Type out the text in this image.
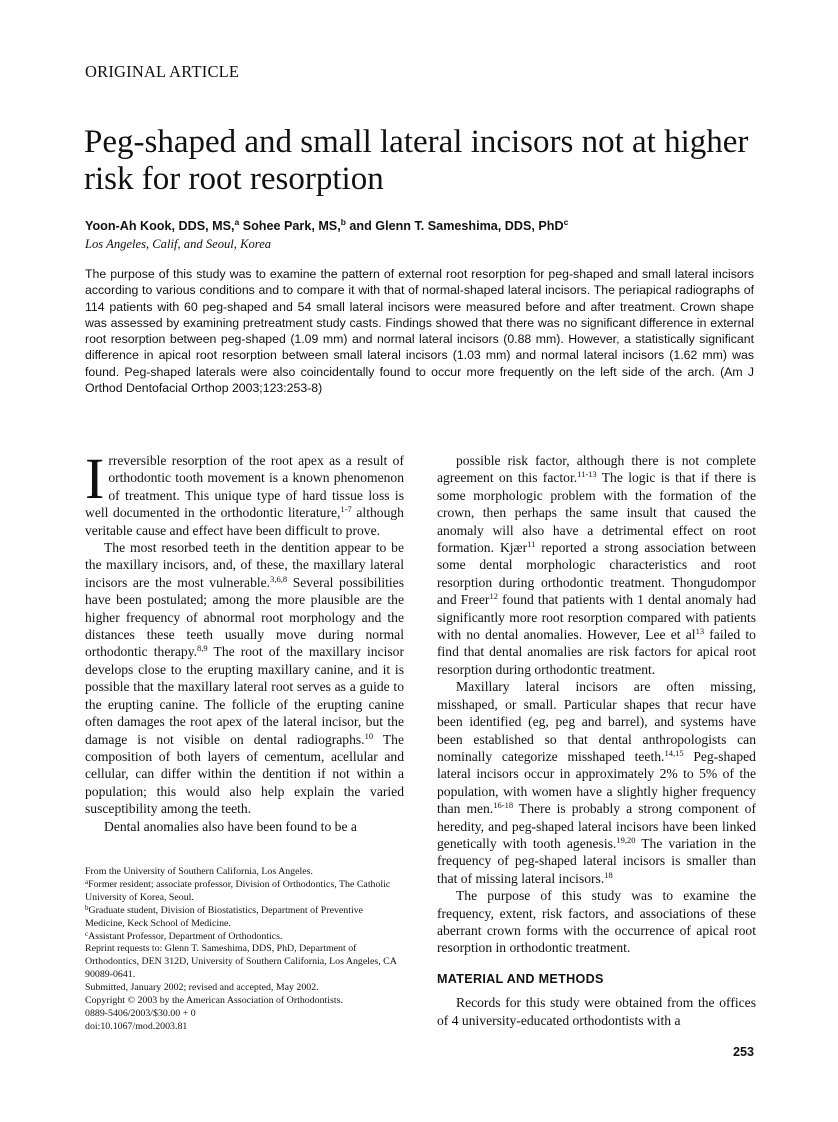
ORIGINAL ARTICLE
Peg-shaped and small lateral incisors not at higher risk for root resorption
Yoon-Ah Kook, DDS, MS,$^a$ Sohee Park, MS,$^b$ and Glenn T. Sameshima, DDS, PhD$^c$
Los Angeles, Calif, and Seoul, Korea

The purpose of this study was to examine the pattern of external root resorption for peg-shaped and small lateral incisors according to various conditions and to compare it with that of normal-shaped lateral incisors. The periapical radiographs of 114 patients with 60 peg-shaped and 54 small lateral incisors were measured before and after treatment. Crown shape was assessed by examining pretreatment study casts. Findings showed that there was no significant difference in external root resorption between peg-shaped (1.09 mm) and normal lateral incisors (0.88 mm). However, a statistically significant difference in apical root resorption between small lateral incisors (1.03 mm) and normal lateral incisors (1.62 mm) was found. Peg-shaped laterals were also coincidentally found to occur more frequently on the left side of the arch. (Am J Orthod Dentofacial Orthop 2003;123:253-8)

I rreversible resorption of the root apex as a result of orthodontic tooth movement is a known phenomenon of treatment. This unique type of hard tissue loss is well documented in the orthodontic literature,$^{1-7}$ although veritable cause and effect have been difficult to prove.

The most resorbed teeth in the dentition appear to be the maxillary incisors, and, of these, the maxillary lateral incisors are the most vulnerable.$^{3,6,8}$ Several possibilities have been postulated; among the more plausible are the higher frequency of abnormal root morphology and the distances these teeth usually move during normal orthodontic therapy.$^{8,9}$ The root of the maxillary incisor develops close to the erupting maxillary canine, and it is possible that the maxillary lateral root serves as a guide to the erupting canine. The follicle of the erupting canine often damages the root apex of the lateral incisor, but the damage is not visible on dental radiographs.$^{10}$ The composition of both layers of cementum, acellular and cellular, can differ within the dentition if not within a population; this would also help explain the varied susceptibility among the teeth.

Dental anomalies also have been found to be a

possible risk factor, although there is not complete agreement on this factor.$^{11-13}$ The logic is that if there is some morphologic problem with the formation of the crown, then perhaps the same insult that caused the anomaly will also have a detrimental effect on root formation. Kjær$^{11}$ reported a strong association between some dental morphologic characteristics and root resorption during orthodontic treatment. Thongudompor and Freer$^{12}$ found that patients with 1 dental anomaly had significantly more root resorption compared with patients with no dental anomalies. However, Lee et $al^{13}$ failed to find that dental anomalies are risk factors for apical root resorption during orthodontic treatment.

Maxillary lateral incisors are often missing, misshaped, or small. Particular shapes that recur have been identified (eg, peg and barrel), and systems have been established so that dental anthropologists can nominally categorize misshaped teeth.$^{14,15}$ Peg-shaped lateral incisors occur in approximately 2% to 5% of the population, with women have a slightly higher frequency than men.$^{16-18}$ There is probably a strong component of heredity, and peg-shaped lateral incisors have been linked genetically with tooth agenesis.$^{19,20}$ The variation in the frequency of peg-shaped lateral incisors is smaller than that of missing lateral incisors.$^{18}$

The purpose of this study was to examine the frequency, extent, risk factors, and associations of these aberrant crown forms with the occurrence of apical root resorption in orthodontic treatment.

MATERIAL AND METHODS

Records for this study were obtained from the offices of 4 university-educated orthodontists with a

From the University of Southern California, Los Angeles.
$^a$Former resident; associate professor, Division of Orthodontics, The Catholic University of Korea, Seoul.
$^b$Graduate student, Division of Biostatistics, Department of Preventive Medicine, Keck School of Medicine.
$^c$Assistant Professor, Department of Orthodontics.
Reprint requests to: Glenn T. Sameshima, DDS, PhD, Department of Orthodontics, DEN 312D, University of Southern California, Los Angeles, CA 90089-0641.
Submitted, January 2002; revised and accepted, May 2002.
Copyright © 2003 by the American Association of Orthodontists.
0889-5406/2003/$30.00 + 0
doi:10.1067/mod.2003.81
253
